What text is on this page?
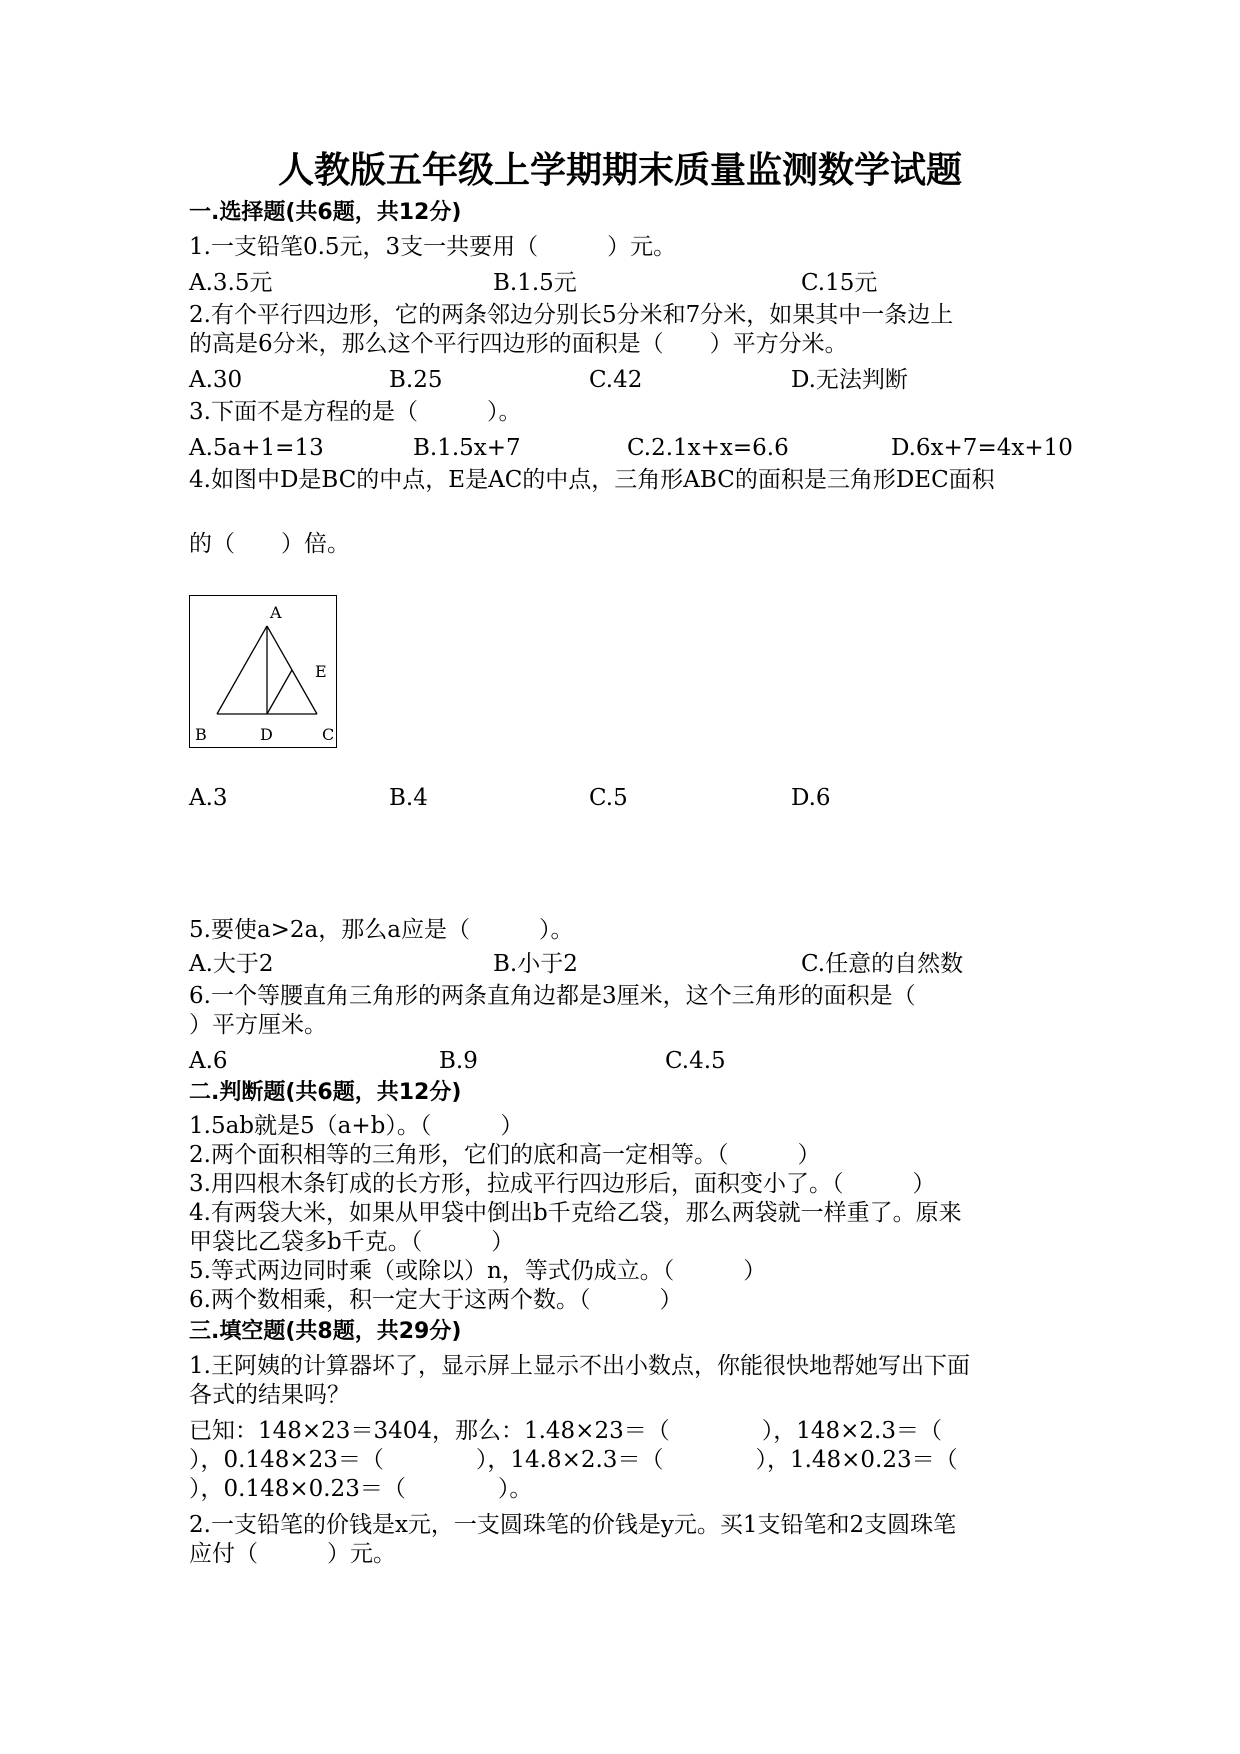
人教版五年级上学期期末质量监测数学试题
一.选择题(共6题，共12分)
1.一支铅笔0.5元，3支一共要用（　　　）元。
A.3.5元	B.1.5元	C.15元
2.有个平行四边形，它的两条邻边分别长5分米和7分米，如果其中一条边上
的高是6分米，那么这个平行四边形的面积是（　　）平方分米。
A.30	B.25	C.42	D.无法判断
3.下面不是方程的是（　　　）。
A.5a+1=13	B.1.5x+7	C.2.1x+x=6.6	D.6x+7=4x+10
4.如图中D是BC的中点，E是AC的中点，三角形ABC的面积是三角形DEC面积
的（　　）倍。
A
E
B	D	C
A.3	B.4	C.5	D.6
5.要使a>2a，那么a应是（　　　）。
A.大于2	B.小于2	C.任意的自然数
6.一个等腰直角三角形的两条直角边都是3厘米，这个三角形的面积是（
）平方厘米。
A.6	B.9	C.4.5
二.判断题(共6题，共12分)
1.5ab就是5（a+b）。（　　　）
2.两个面积相等的三角形，它们的底和高一定相等。（　　　）
3.用四根木条钉成的长方形，拉成平行四边形后，面积变小了。（　　　）
4.有两袋大米，如果从甲袋中倒出b千克给乙袋，那么两袋就一样重了。原来
甲袋比乙袋多b千克。（　　　）
5.等式两边同时乘（或除以）n，等式仍成立。（　　　）
6.两个数相乘，积一定大于这两个数。（　　　）
三.填空题(共8题，共29分)
1.王阿姨的计算器坏了，显示屏上显示不出小数点，你能很快地帮她写出下面
各式的结果吗？
已知：148×23＝3404，那么：1.48×23＝（　　　　），148×2.3＝（
），0.148×23＝（　　　　），14.8×2.3＝（　　　　），1.48×0.23＝（
），0.148×0.23＝（　　　　）。
2.一支铅笔的价钱是x元，一支圆珠笔的价钱是y元。买1支铅笔和2支圆珠笔
应付（　　　）元。
